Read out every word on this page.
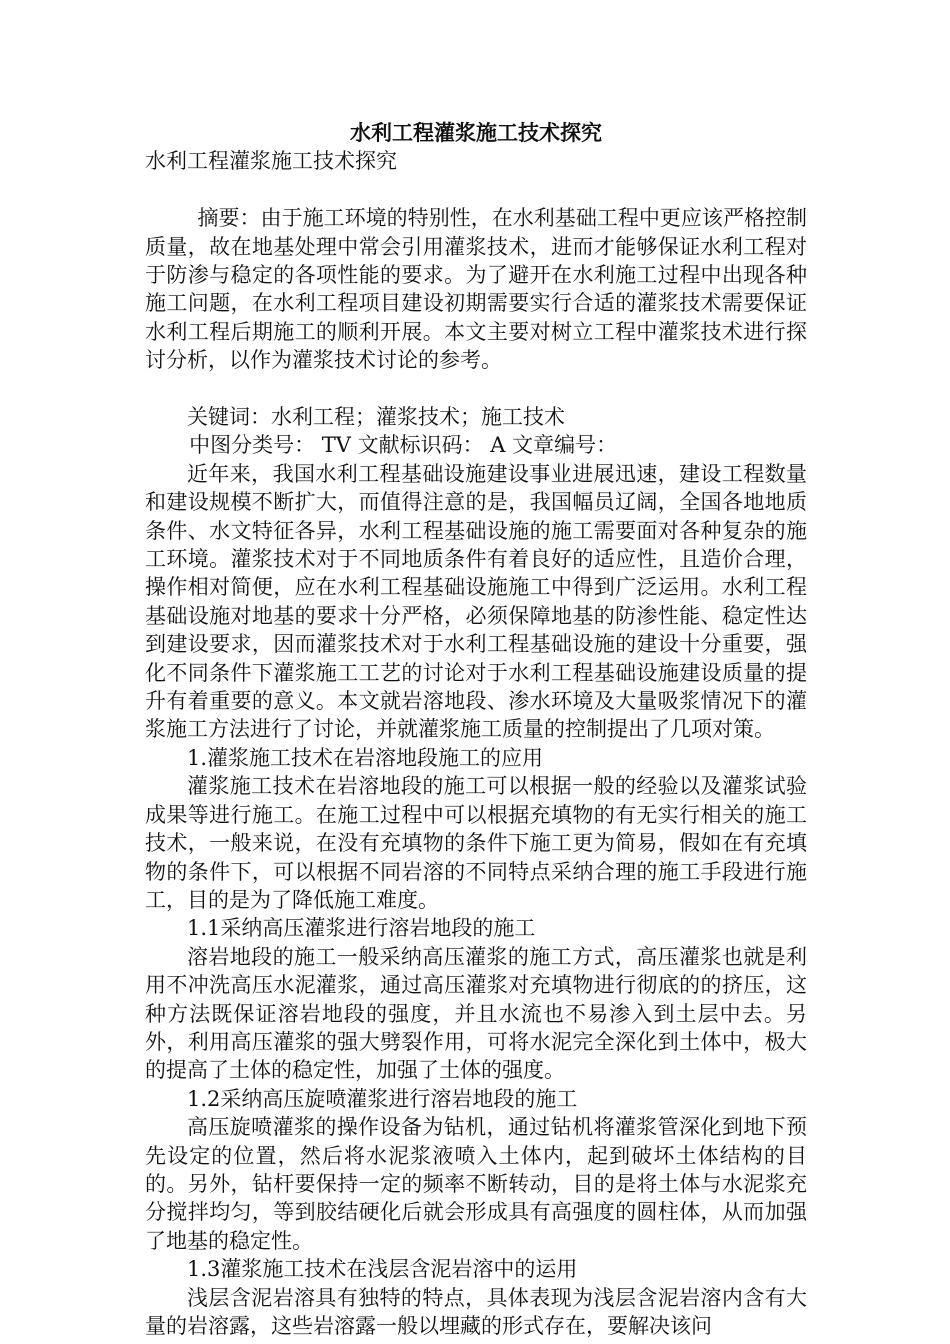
水利工程灌浆施工技术探究

水利工程灌浆施工技术探究

摘要：由于施工环境的特别性，在水利基础工程中更应该严格控制质量，故在地基处理中常会引用灌浆技术，进而才能够保证水利工程对于防渗与稳定的各项性能的要求。为了避开在水利施工过程中出现各种施工问题，在水利工程项目建设初期需要实行合适的灌浆技术需要保证水利工程后期施工的顺利开展。本文主要对树立工程中灌浆技术进行探讨分析，以作为灌浆技术讨论的参考。

关键词：水利工程；灌浆技术；施工技术

中图分类号： TV 文献标识码： A 文章编号：

近年来，我国水利工程基础设施建设事业进展迅速，建设工程数量和建设规模不断扩大，而值得注意的是，我国幅员辽阔，全国各地地质条件、水文特征各异，水利工程基础设施的施工需要面对各种复杂的施工环境。灌浆技术对于不同地质条件有着良好的适应性，且造价合理，操作相对简便，应在水利工程基础设施施工中得到广泛运用。水利工程基础设施对地基的要求十分严格，必须保障地基的防渗性能、稳定性达到建设要求，因而灌浆技术对于水利工程基础设施的建设十分重要，强化不同条件下灌浆施工工艺的讨论对于水利工程基础设施建设质量的提升有着重要的意义。本文就岩溶地段、渗水环境及大量吸浆情况下的灌浆施工方法进行了讨论，并就灌浆施工质量的控制提出了几项对策。

1.灌浆施工技术在岩溶地段施工的应用

灌浆施工技术在岩溶地段的施工可以根据一般的经验以及灌浆试验成果等进行施工。在施工过程中可以根据充填物的有无实行相关的施工技术，一般来说，在没有充填物的条件下施工更为简易，假如在有充填物的条件下，可以根据不同岩溶的不同特点采纳合理的施工手段进行施工，目的是为了降低施工难度。

1.1采纳高压灌浆进行溶岩地段的施工

溶岩地段的施工一般采纳高压灌浆的施工方式，高压灌浆也就是利用不冲洗高压水泥灌浆，通过高压灌浆对充填物进行彻底的的挤压，这种方法既保证溶岩地段的强度，并且水流也不易渗入到土层中去。另外，利用高压灌浆的强大劈裂作用，可将水泥完全深化到土体中，极大的提高了土体的稳定性，加强了土体的强度。

1.2采纳高压旋喷灌浆进行溶岩地段的施工

高压旋喷灌浆的操作设备为钻机，通过钻机将灌浆管深化到地下预先设定的位置，然后将水泥浆液喷入土体内，起到破坏土体结构的目的。另外，钻杆要保持一定的频率不断转动，目的是将土体与水泥浆充分搅拌均匀，等到胶结硬化后就会形成具有高强度的圆柱体，从而加强了地基的稳定性。

1.3灌浆施工技术在浅层含泥岩溶中的运用

浅层含泥岩溶具有独特的特点，具体表现为浅层含泥岩溶内含有大量的岩溶露，这些岩溶露一般以埋藏的形式存在，要解决该问
